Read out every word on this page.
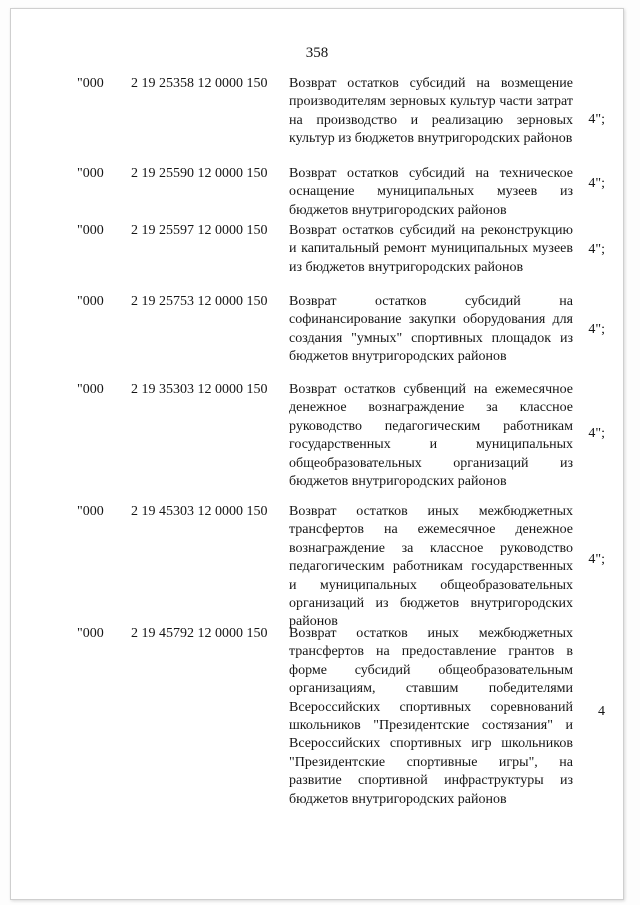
358
"000 2 19 25358 12 0000 150 Возврат остатков субсидий на возмещение производителям зерновых культур части затрат на производство и реализацию зерновых культур из бюджетов внутригородских районов
4";
"000 2 19 25590 12 0000 150 Возврат остатков субсидий на техническое оснащение муниципальных музеев из бюджетов внутригородских районов
4";
"000 2 19 25597 12 0000 150 Возврат остатков субсидий на реконструкцию и капитальный ремонт муниципальных музеев из бюджетов внутригородских районов
4";
"000 2 19 25753 12 0000 150 Возврат остатков субсидий на софинансирование закупки оборудования для создания "умных" спортивных площадок из бюджетов внутригородских районов
4";
"000 2 19 35303 12 0000 150 Возврат остатков субвенций на ежемесячное денежное вознаграждение за классное руководство педагогическим работникам государственных и муниципальных общеобразовательных организаций из бюджетов внутригородских районов
4";
"000 2 19 45303 12 0000 150 Возврат остатков иных межбюджетных трансфертов на ежемесячное денежное вознаграждение за классное руководство педагогическим работникам государственных и муниципальных общеобразовательных организаций из бюджетов внутригородских районов
4";
"000 2 19 45792 12 0000 150 Возврат остатков иных межбюджетных трансфертов на предоставление грантов в форме субсидий общеобразовательным организациям, ставшим победителями Всероссийских спортивных соревнований школьников "Президентские состязания" и Всероссийских спортивных игр школьников "Президентские спортивные игры", на развитие спортивной инфраструктуры из бюджетов внутригородских районов
4
